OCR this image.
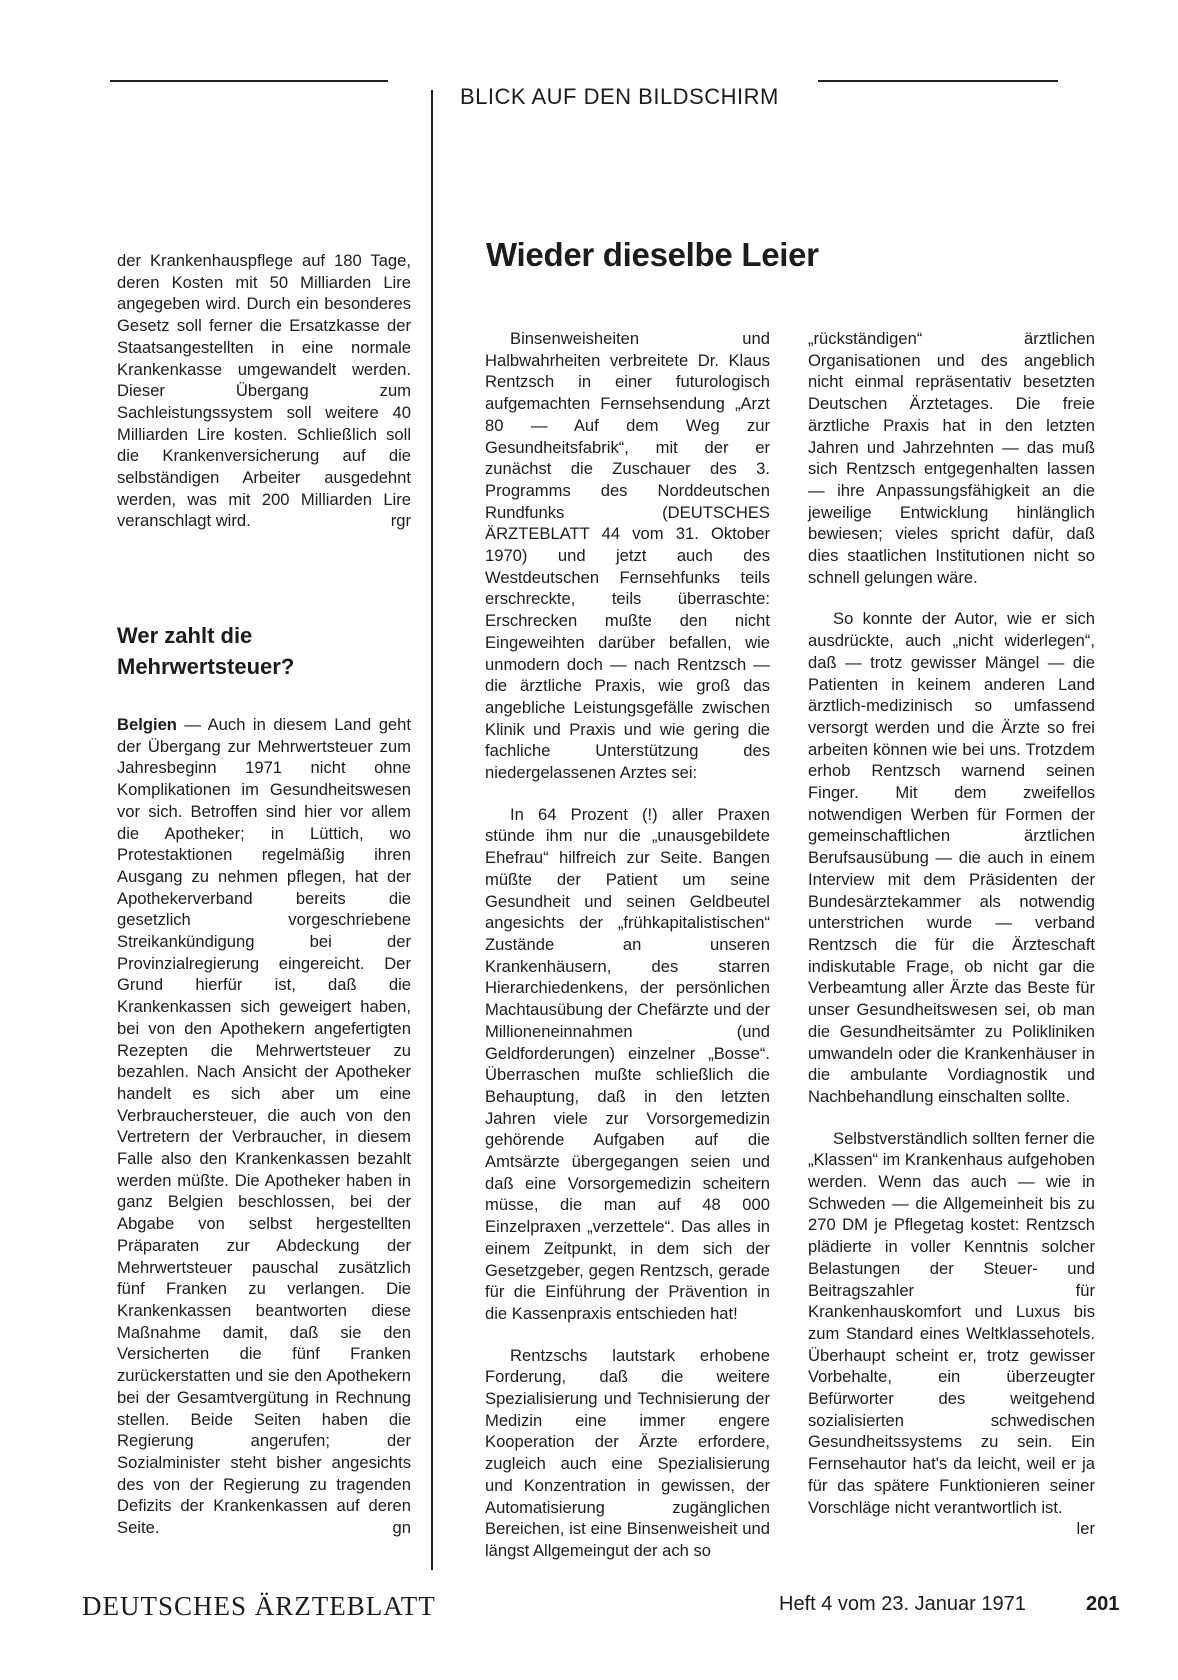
BLICK AUF DEN BILDSCHIRM

der Krankenhauspflege auf 180 Tage, deren Kosten mit 50 Milliarden Lire angegeben wird. Durch ein besonderes Gesetz soll ferner die Ersatzkasse der Staatsangestellten in eine normale Krankenkasse umgewandelt werden. Dieser Übergang zum Sachleistungssystem soll weitere 40 Milliarden Lire kosten. Schließlich soll die Krankenversicherung auf die selbständigen Arbeiter ausgedehnt werden, was mit 200 Milliarden Lire veranschlagt wird.	rgr

Wer zahlt die
Mehrwertsteuer?

Belgien — Auch in diesem Land geht der Übergang zur Mehrwertsteuer zum Jahresbeginn 1971 nicht ohne Komplikationen im Gesundheitswesen vor sich. Betroffen sind hier vor allem die Apotheker; in Lüttich, wo Protestaktionen regelmäßig ihren Ausgang zu nehmen pflegen, hat der Apothekerverband bereits die gesetzlich vorgeschriebene Streikankündigung bei der Provinzialregierung eingereicht. Der Grund hierfür ist, daß die Krankenkassen sich geweigert haben, bei von den Apothekern angefertigten Rezepten die Mehrwertsteuer zu bezahlen. Nach Ansicht der Apotheker handelt es sich aber um eine Verbrauchersteuer, die auch von den Vertretern der Verbraucher, in diesem Falle also den Krankenkassen bezahlt werden müßte. Die Apotheker haben in ganz Belgien beschlossen, bei der Abgabe von selbst hergestellten Präparaten zur Abdeckung der Mehrwertsteuer pauschal zusätzlich fünf Franken zu verlangen. Die Krankenkassen beantworten diese Maßnahme damit, daß sie den Versicherten die fünf Franken zurückerstatten und sie den Apothekern bei der Gesamtvergütung in Rechnung stellen. Beide Seiten haben die Regierung angerufen; der Sozialminister steht bisher angesichts des von der Regierung zu tragenden Defizits der Krankenkassen auf deren Seite.	gn

Wieder dieselbe Leier

Binsenweisheiten und Halbwahrheiten verbreitete Dr. Klaus Rentzsch in einer futurologisch aufgemachten Fernsehsendung „Arzt 80 — Auf dem Weg zur Gesundheitsfabrik“, mit der er zunächst die Zuschauer des 3. Programms des Norddeutschen Rundfunks (DEUTSCHES ÄRZTEBLATT 44 vom 31. Oktober 1970) und jetzt auch des Westdeutschen Fernsehfunks teils erschreckte, teils überraschte: Erschrecken mußte den nicht Eingeweihten darüber befallen, wie unmodern doch — nach Rentzsch — die ärztliche Praxis, wie groß das angebliche Leistungsgefälle zwischen Klinik und Praxis und wie gering die fachliche Unterstützung des niedergelassenen Arztes sei:

In 64 Prozent (!) aller Praxen stünde ihm nur die „unausgebildete Ehefrau“ hilfreich zur Seite. Bangen müßte der Patient um seine Gesundheit und seinen Geldbeutel angesichts der „frühkapitalistischen“ Zustände an unseren Krankenhäusern, des starren Hierarchiedenkens, der persönlichen Machtausübung der Chefärzte und der Millioneneinnahmen (und Geldforderungen) einzelner „Bosse“. Überraschen mußte schließlich die Behauptung, daß in den letzten Jahren viele zur Vorsorgemedizin gehörende Aufgaben auf die Amtsärzte übergegangen seien und daß eine Vorsorgemedizin scheitern müsse, die man auf 48 000 Einzelpraxen „verzettele“. Das alles in einem Zeitpunkt, in dem sich der Gesetzgeber, gegen Rentzsch, gerade für die Einführung der Prävention in die Kassenpraxis entschieden hat!

Rentzschs lautstark erhobene Forderung, daß die weitere Spezialisierung und Technisierung der Medizin eine immer engere Kooperation der Ärzte erfordere, zugleich auch eine Spezialisierung und Konzentration in gewissen, der Automatisierung zugänglichen Bereichen, ist eine Binsenweisheit und längst Allgemeingut der ach so

„rückständigen“ ärztlichen Organisationen und des angeblich nicht einmal repräsentativ besetzten Deutschen Ärztetages. Die freie ärztliche Praxis hat in den letzten Jahren und Jahrzehnten — das muß sich Rentzsch entgegenhalten lassen — ihre Anpassungsfähigkeit an die jeweilige Entwicklung hinlänglich bewiesen; vieles spricht dafür, daß dies staatlichen Institutionen nicht so schnell gelungen wäre.

So konnte der Autor, wie er sich ausdrückte, auch „nicht widerlegen“, daß — trotz gewisser Mängel — die Patienten in keinem anderen Land ärztlich-medizinisch so umfassend versorgt werden und die Ärzte so frei arbeiten können wie bei uns. Trotzdem erhob Rentzsch warnend seinen Finger. Mit dem zweifellos notwendigen Werben für Formen der gemeinschaftlichen ärztlichen Berufsausübung — die auch in einem Interview mit dem Präsidenten der Bundesärztekammer als notwendig unterstrichen wurde — verband Rentzsch die für die Ärzteschaft indiskutable Frage, ob nicht gar die Verbeamtung aller Ärzte das Beste für unser Gesundheitswesen sei, ob man die Gesundheitsämter zu Polikliniken umwandeln oder die Krankenhäuser in die ambulante Vordiagnostik und Nachbehandlung einschalten sollte.

Selbstverständlich sollten ferner die „Klassen“ im Krankenhaus aufgehoben werden. Wenn das auch — wie in Schweden — die Allgemeinheit bis zu 270 DM je Pflegetag kostet: Rentzsch plädierte in voller Kenntnis solcher Belastungen der Steuer- und Beitragszahler für Krankenhauskomfort und Luxus bis zum Standard eines Weltklassehotels. Überhaupt scheint er, trotz gewisser Vorbehalte, ein überzeugter Befürworter des weitgehend sozialisierten schwedischen Gesundheitssystems zu sein. Ein Fernsehautor hat's da leicht, weil er ja für das spätere Funktionieren seiner Vorschläge nicht verantwortlich ist.
ler

DEUTSCHES ÄRZTEBLATT	Heft 4 vom 23. Januar 1971	201
